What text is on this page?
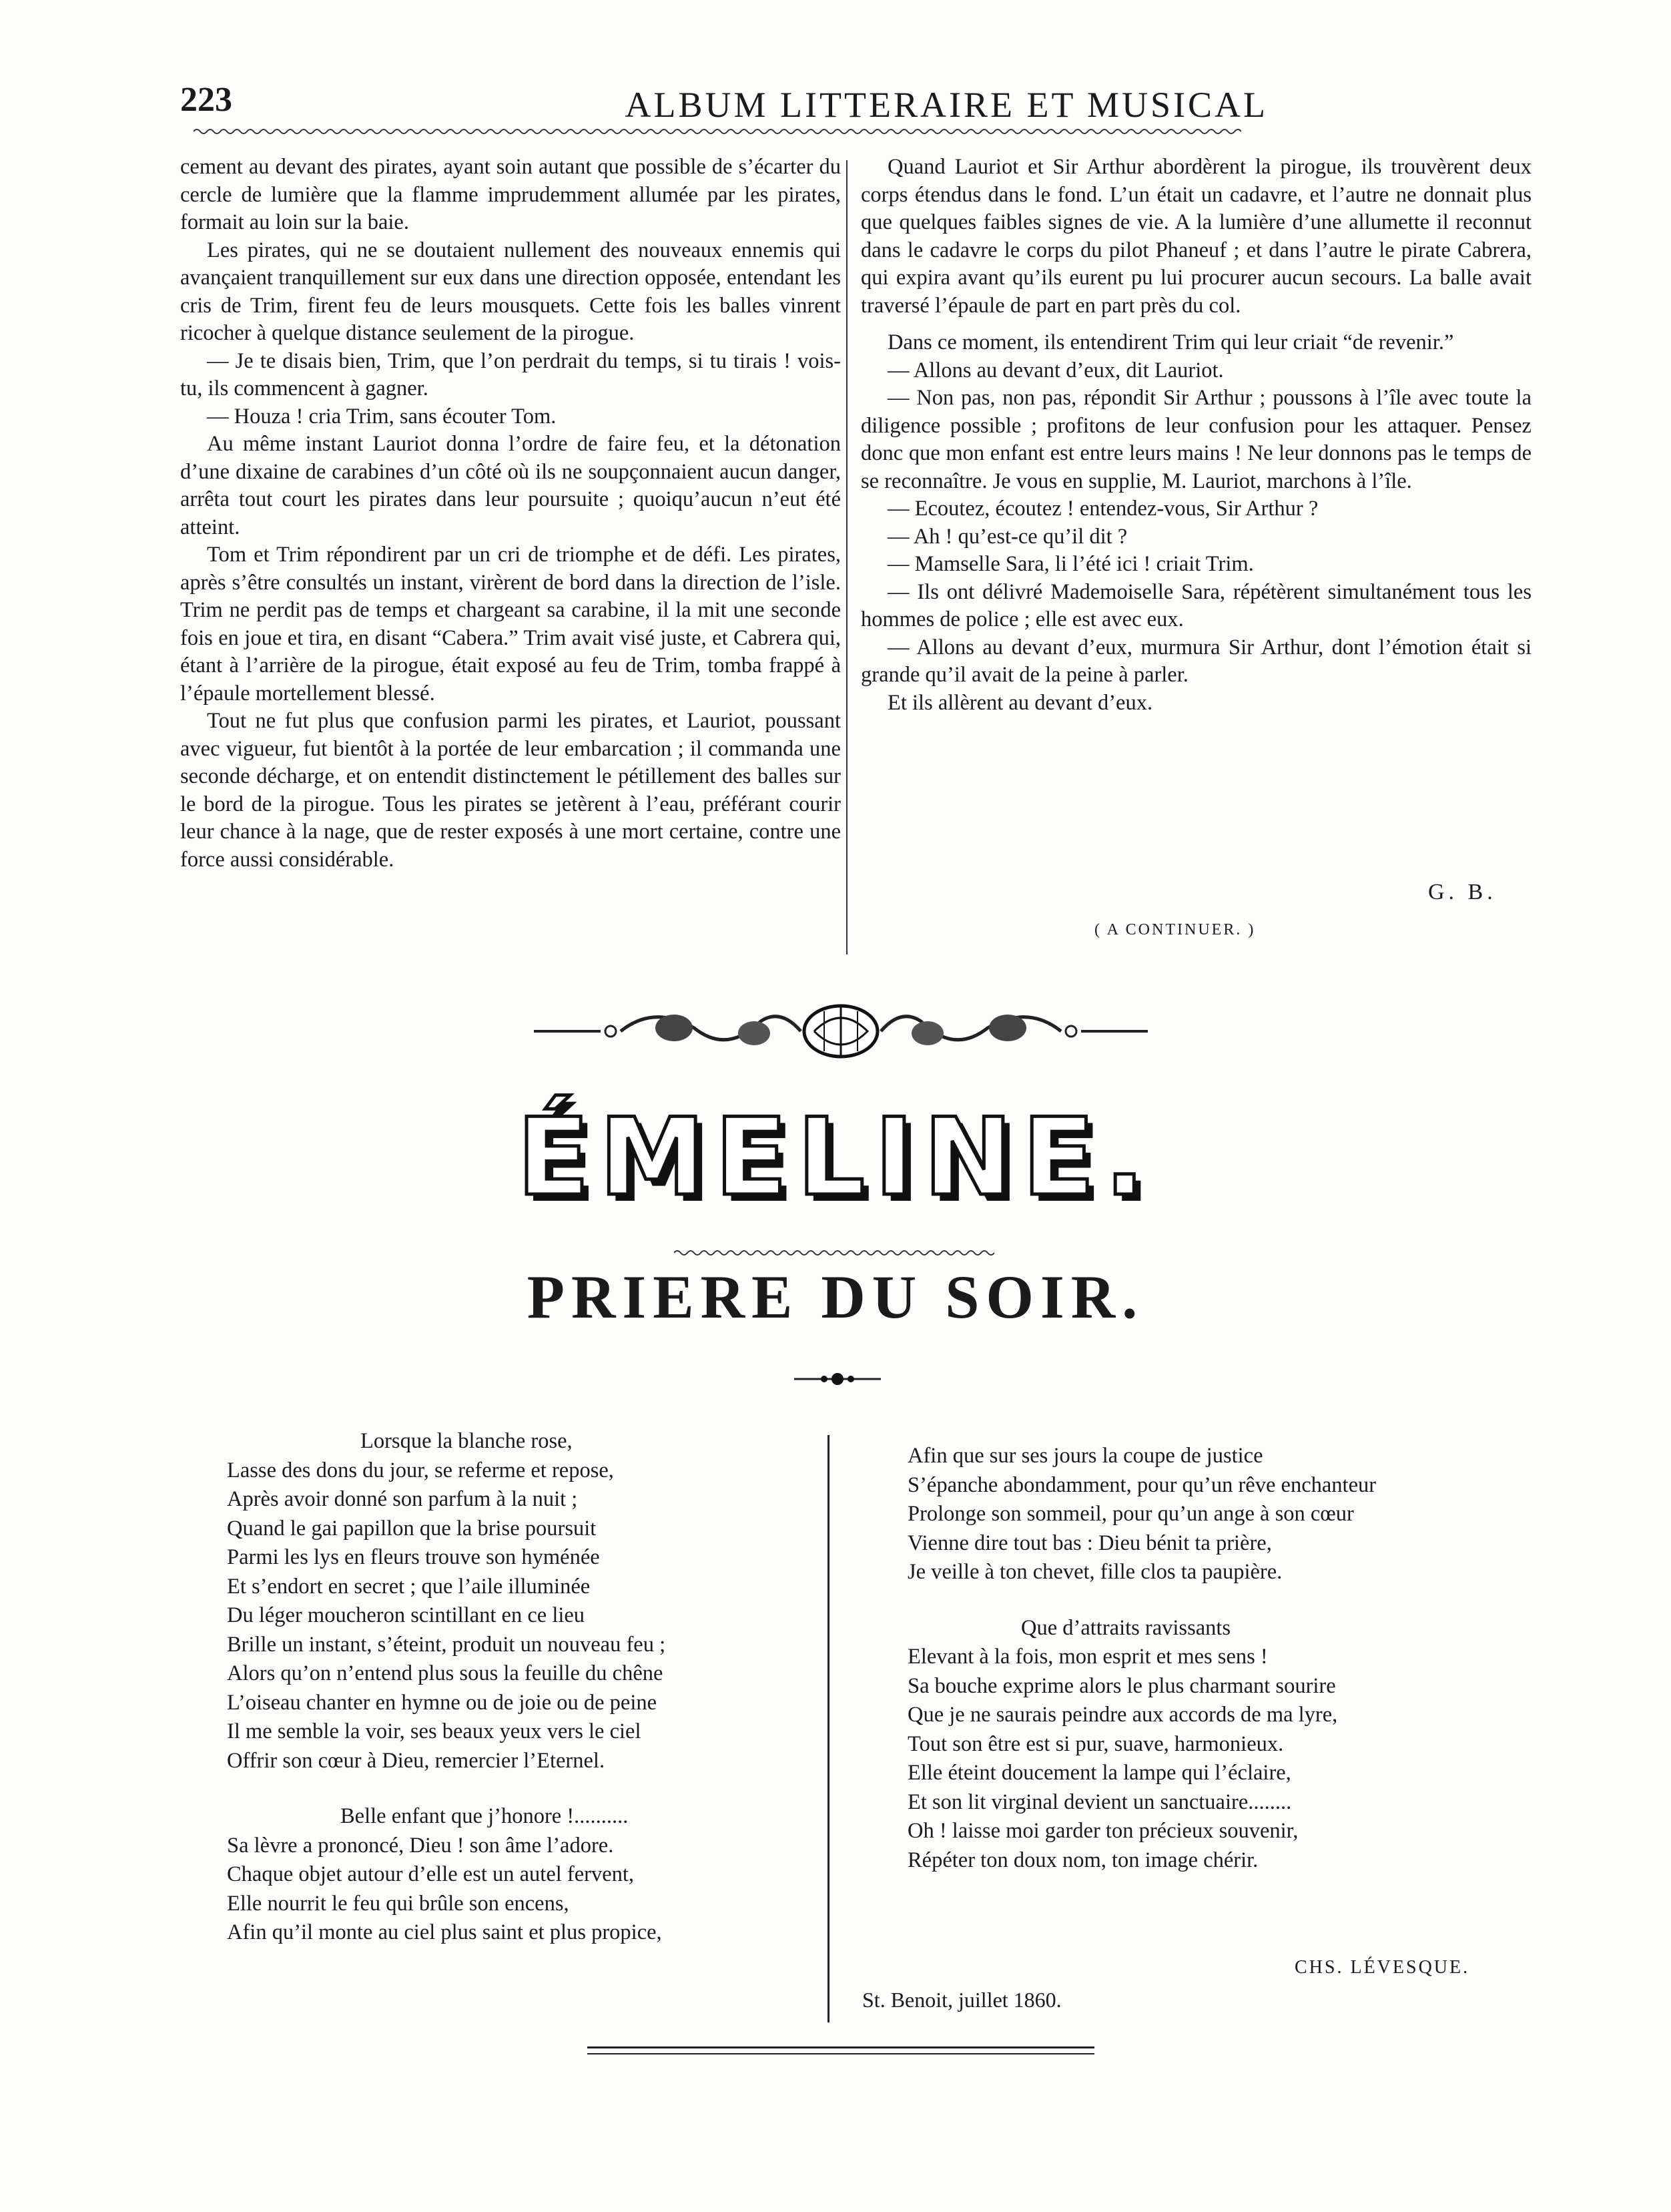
223	ALBUM LITTERAIRE ET MUSICAL

cement au devant des pirates, ayant soin autant que possible de s’écarter du cercle de lumière que la flamme imprudemment allumée par les pirates, formait au loin sur la baie.

Les pirates, qui ne se doutaient nullement des nouveaux ennemis qui avançaient tranquillement sur eux dans une direction opposée, entendant les cris de Trim, firent feu de leurs mousquets. Cette fois les balles vinrent ricocher à quelque distance seulement de la pirogue.

— Je te disais bien, Trim, que l’on perdrait du temps, si tu tirais ! vois-tu, ils commencent à gagner.

— Houza ! cria Trim, sans écouter Tom.

Au même instant Lauriot donna l’ordre de faire feu, et la détonation d’une dixaine de carabines d’un côté où ils ne soupçonnaient aucun danger, arrêta tout court les pirates dans leur poursuite ; quoiqu’aucun n’eut été atteint.

Tom et Trim répondirent par un cri de triomphe et de défi. Les pirates, après s’être consultés un instant, virèrent de bord dans la direction de l’isle. Trim ne perdit pas de temps et chargeant sa carabine, il la mit une seconde fois en joue et tira, en disant “Cabera.” Trim avait visé juste, et Cabrera qui, étant à l’arrière de la pirogue, était exposé au feu de Trim, tomba frappé à l’épaule mortellement blessé.

Tout ne fut plus que confusion parmi les pirates, et Lauriot, poussant avec vigueur, fut bientôt à la portée de leur embarcation ; il commanda une seconde décharge, et on entendit distinctement le pétillement des balles sur le bord de la pirogue. Tous les pirates se jetèrent à l’eau, préférant courir leur chance à la nage, que de rester exposés à une mort certaine, contre une force aussi considérable.

Quand Lauriot et Sir Arthur abordèrent la pirogue, ils trouvèrent deux corps étendus dans le fond. L’un était un cadavre, et l’autre ne donnait plus que quelques faibles signes de vie. A la lumière d’une allumette il reconnut dans le cadavre le corps du pilot Phaneuf ; et dans l’autre le pirate Cabrera, qui expira avant qu’ils eurent pu lui procurer aucun secours. La balle avait traversé l’épaule de part en part près du col.

Dans ce moment, ils entendirent Trim qui leur criait “de revenir.”

— Allons au devant d’eux, dit Lauriot.

— Non pas, non pas, répondit Sir Arthur ; poussons à l’île avec toute la diligence possible ; profitons de leur confusion pour les attaquer. Pensez donc que mon enfant est entre leurs mains ! Ne leur donnons pas le temps de se reconnaître. Je vous en supplie, M. Lauriot, marchons à l’île.

— Ecoutez, écoutez ! entendez-vous, Sir Arthur ?

— Ah ! qu’est-ce qu’il dit ?

— Mamselle Sara, li l’été ici ! criait Trim.

— Ils ont délivré Mademoiselle Sara, répétèrent simultanément tous les hommes de police ; elle est avec eux.

— Allons au devant d’eux, murmura Sir Arthur, dont l’émotion était si grande qu’il avait de la peine à parler.

Et ils allèrent au devant d’eux.

G. B.
( A CONTINUER. )
ÉMELINE.
PRIERE DU SOIR.

Lorsque la blanche rose,

Lasse des dons du jour, se referme et repose,

Après avoir donné son parfum à la nuit ;

Quand le gai papillon que la brise poursuit

Parmi les lys en fleurs trouve son hyménée

Et s’endort en secret ; que l’aile illuminée

Du léger moucheron scintillant en ce lieu

Brille un instant, s’éteint, produit un nouveau feu ;

Alors qu’on n’entend plus sous la feuille du chêne

L’oiseau chanter en hymne ou de joie ou de peine

Il me semble la voir, ses beaux yeux vers le ciel

Offrir son cœur à Dieu, remercier l’Eternel.

Belle enfant que j’honore !..........

Sa lèvre a prononcé, Dieu ! son âme l’adore.

Chaque objet autour d’elle est un autel fervent,

Elle nourrit le feu qui brûle son encens,

Afin qu’il monte au ciel plus saint et plus propice,

Afin que sur ses jours la coupe de justice

S’épanche abondamment, pour qu’un rêve enchanteur

Prolonge son sommeil, pour qu’un ange à son cœur

Vienne dire tout bas : Dieu bénit ta prière,

Je veille à ton chevet, fille clos ta paupière.

Que d’attraits ravissants

Elevant à la fois, mon esprit et mes sens !

Sa bouche exprime alors le plus charmant sourire

Que je ne saurais peindre aux accords de ma lyre,

Tout son être est si pur, suave, harmonieux.

Elle éteint doucement la lampe qui l’éclaire,

Et son lit virginal devient un sanctuaire........

Oh ! laisse moi garder ton précieux souvenir,

Répéter ton doux nom, ton image chérir.

CHS. LÉVESQUE.
St. Benoit, juillet 1860.
